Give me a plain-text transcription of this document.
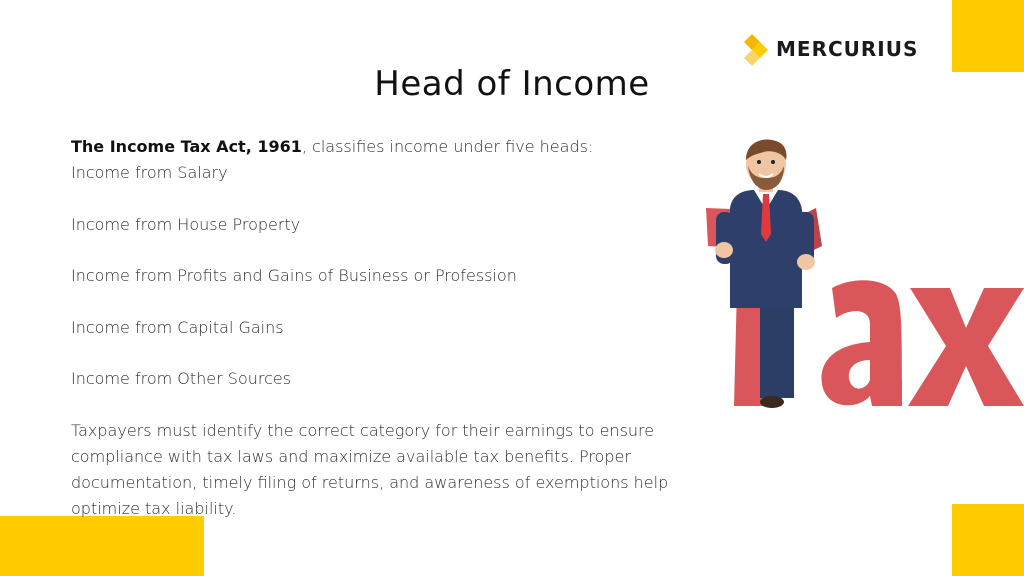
MERCURIUS
Head of Income
The Income Tax Act, 1961, classifies income under five heads:
Income from Salary
Income from House Property
Income from Profits and Gains of Business or Profession
Income from Capital Gains
Income from Other Sources
Taxpayers must identify the correct category for their earnings to ensure compliance with tax laws and maximize available tax benefits. Proper documentation, timely filing of returns, and awareness of exemptions help optimize tax liability.
